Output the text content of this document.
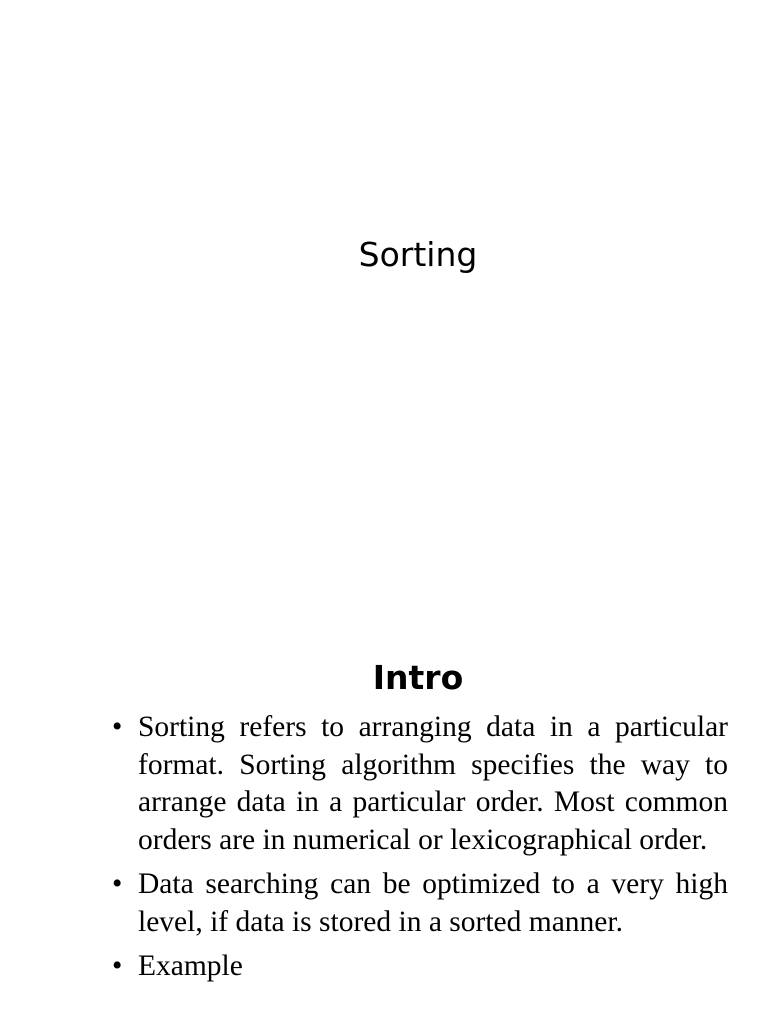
Sorting
Intro
• Sorting refers to arranging data in a particular format. Sorting algorithm specifies the way to arrange data in a particular order. Most common orders are in numerical or lexicographical order.
• Data searching can be optimized to a very high level, if data is stored in a sorted manner.
• Example
